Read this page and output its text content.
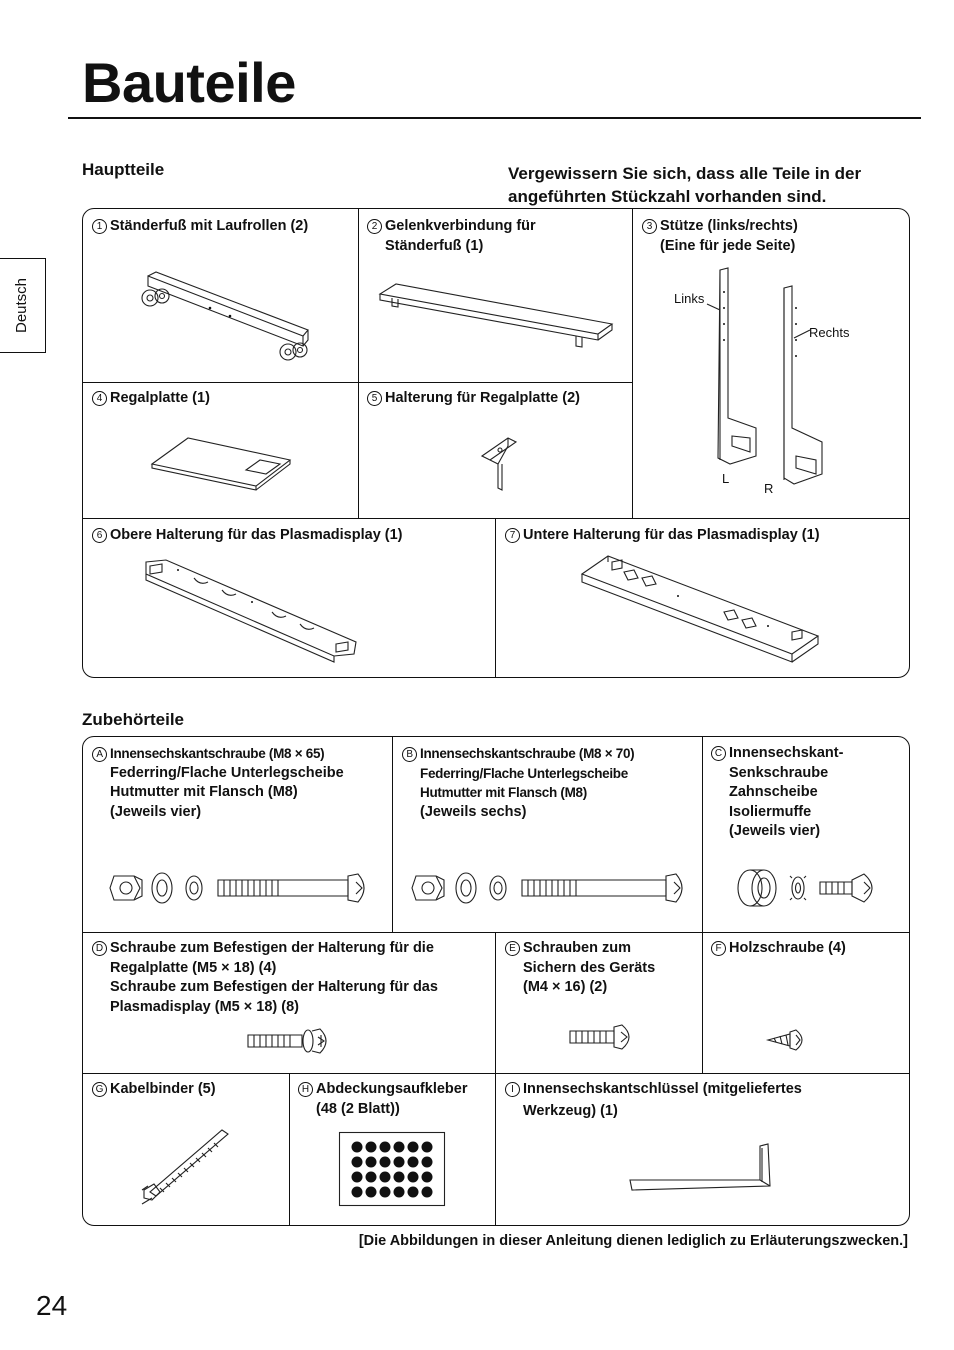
Bauteile
Deutsch
Hauptteile	Vergewissern Sie sich, dass alle Teile in der
angeführten Stückzahl vorhanden sind.
1 Ständerfuß mit Laufrollen (2)	2 Gelenkverbindung für
Ständerfuß (1)
3 Stütze (links/rechts)
(Eine für jede Seite)
Links
Rechts
L
R
4 Regalplatte (1)	5 Halterung für Regalplatte (2)
6 Obere Halterung für das Plasmadisplay (1)	7 Untere Halterung für das Plasmadisplay (1)
Zubehörteile
A Innensechskantschraube (M8 × 65)
Federring/Flache Unterlegscheibe
Hutmutter mit Flansch (M8)
(Jeweils vier)
B Innensechskantschraube (M8 × 70)
Federring/Flache Unterlegscheibe
Hutmutter mit Flansch (M8)
(Jeweils sechs)
C Innensechskant-
Senkschraube
Zahnscheibe
Isoliermuffe
(Jeweils vier)
D Schraube zum Befestigen der Halterung für die
Regalplatte (M5 × 18) (4)
Schraube zum Befestigen der Halterung für das
Plasmadisplay (M5 × 18) (8)
E Schrauben zum
Sichern des Geräts
(M4 × 16) (2)
F Holzschraube (4)
G Kabelbinder (5)	H Abdeckungsaufkleber
(48 (2 Blatt))
I Innensechskantschlüssel (mitgeliefertes
Werkzeug) (1)
[Die Abbildungen in dieser Anleitung dienen lediglich zu Erläuterungszwecken.]
24
